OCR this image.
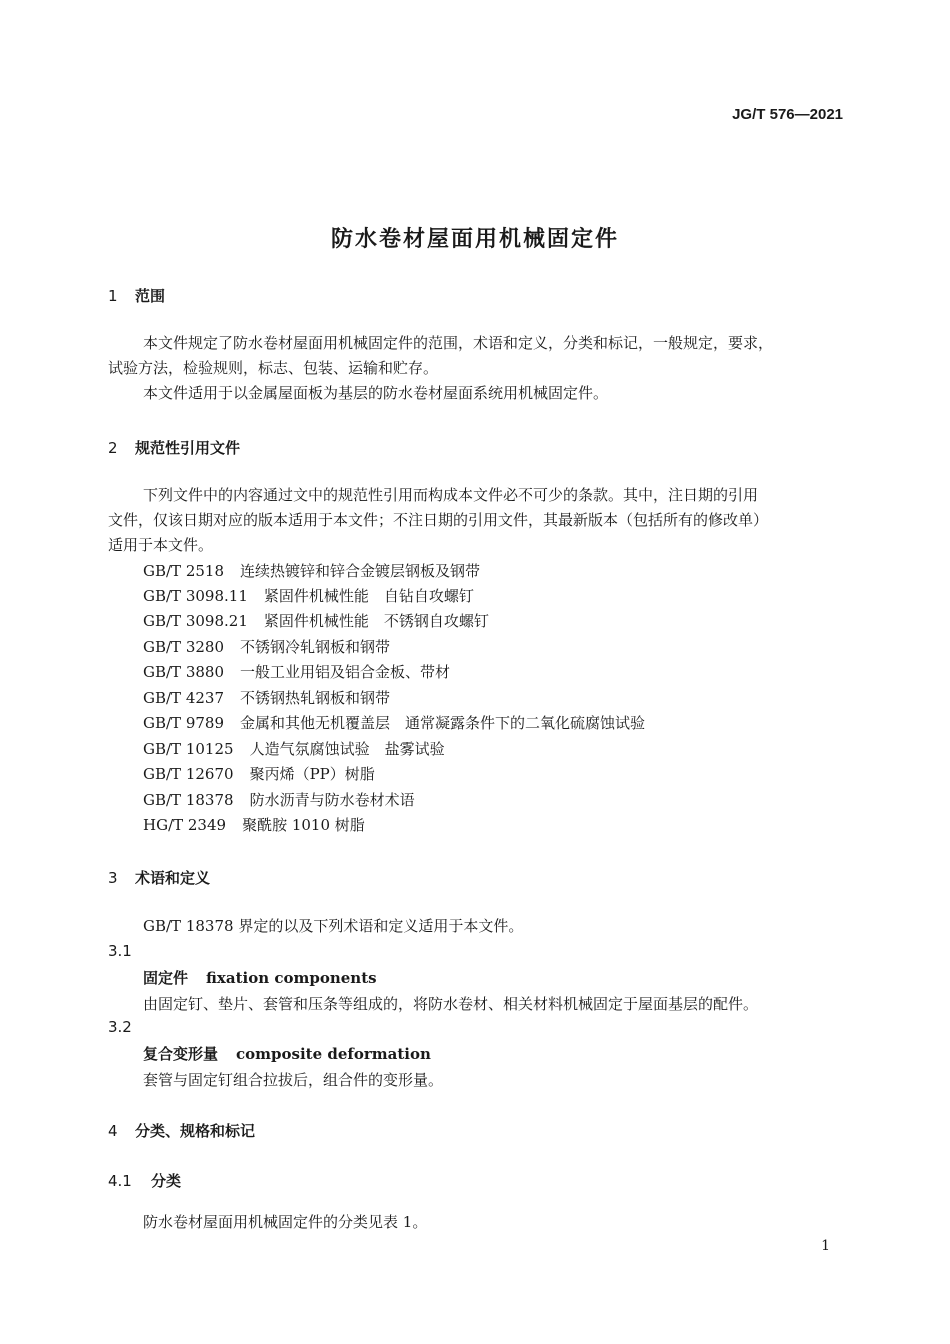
JG/T 576—2021
防水卷材屋面用机械固定件
1 范围
本文件规定了防水卷材屋面用机械固定件的范围，术语和定义，分类和标记，一般规定，要求，
试验方法，检验规则，标志、包装、运输和贮存。
本文件适用于以金属屋面板为基层的防水卷材屋面系统用机械固定件。
2 规范性引用文件
下列文件中的内容通过文中的规范性引用而构成本文件必不可少的条款。其中，注日期的引用
文件，仅该日期对应的版本适用于本文件；不注日期的引用文件，其最新版本（包括所有的修改单）
适用于本文件。
GB/T 2518 连续热镀锌和锌合金镀层钢板及钢带
GB/T 3098.11 紧固件机械性能　自钻自攻螺钉
GB/T 3098.21 紧固件机械性能　不锈钢自攻螺钉
GB/T 3280 不锈钢冷轧钢板和钢带
GB/T 3880 一般工业用铝及铝合金板、带材
GB/T 4237 不锈钢热轧钢板和钢带
GB/T 9789 金属和其他无机覆盖层　通常凝露条件下的二氧化硫腐蚀试验
GB/T 10125 人造气氛腐蚀试验　盐雾试验
GB/T 12670 聚丙烯（PP）树脂
GB/T 18378 防水沥青与防水卷材术语
HG/T 2349 聚酰胺 1010 树脂
3 术语和定义
GB/T 18378 界定的以及下列术语和定义适用于本文件。
3.1
固定件 fixation components
由固定钉、垫片、套管和压条等组成的，将防水卷材、相关材料机械固定于屋面基层的配件。
3.2
复合变形量 composite deformation
套管与固定钉组合拉拔后，组合件的变形量。
4 分类、规格和标记
4.1 分类
防水卷材屋面用机械固定件的分类见表 1。
1
